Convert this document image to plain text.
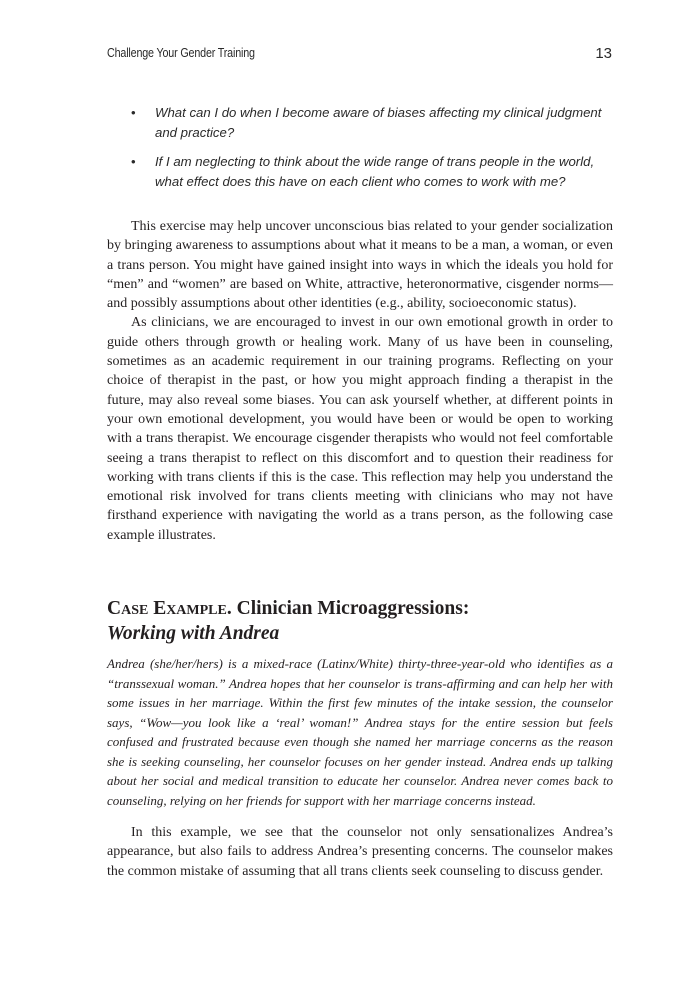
Challenge Your Gender Training	13
• What can I do when I become aware of biases affecting my clinical judgment and practice?
• If I am neglecting to think about the wide range of trans people in the world, what effect does this have on each client who comes to work with me?

This exercise may help uncover unconscious bias related to your gender socialization by bringing awareness to assumptions about what it means to be a man, a woman, or even a trans person. You might have gained insight into ways in which the ideals you hold for “men” and “women” are based on White, attractive, heteronormative, cisgender norms—and possibly assumptions about other identities (e.g., ability, socioeconomic status).

As clinicians, we are encouraged to invest in our own emotional growth in order to guide others through growth or healing work. Many of us have been in counseling, sometimes as an academic requirement in our training programs. Reflecting on your choice of therapist in the past, or how you might approach finding a therapist in the future, may also reveal some biases. You can ask yourself whether, at different points in your own emotional development, you would have been or would be open to working with a trans therapist. We encourage cisgender therapists who would not feel comfortable seeing a trans therapist to reflect on this discomfort and to question their readiness for working with trans clients if this is the case. This reflection may help you understand the emotional risk involved for trans clients meeting with clinicians who may not have firsthand experience with navigating the world as a trans person, as the following case example illustrates.

Case Example. Clinician Microaggressions:
Working with Andrea

Andrea (she/her/hers) is a mixed-race (Latinx/White) thirty-three-year-old who identifies as a “transsexual woman.” Andrea hopes that her counselor is trans-affirming and can help her with some issues in her marriage. Within the first few minutes of the intake session, the counselor says, “Wow—you look like a ‘real’ woman!” Andrea stays for the entire session but feels confused and frustrated because even though she named her marriage concerns as the reason she is seeking counseling, her counselor focuses on her gender instead. Andrea ends up talking about her social and medical transition to educate her counselor. Andrea never comes back to counseling, relying on her friends for support with her marriage concerns instead.

In this example, we see that the counselor not only sensationalizes Andrea’s appearance, but also fails to address Andrea’s presenting concerns. The counselor makes the common mistake of assuming that all trans clients seek counseling to discuss gender.
